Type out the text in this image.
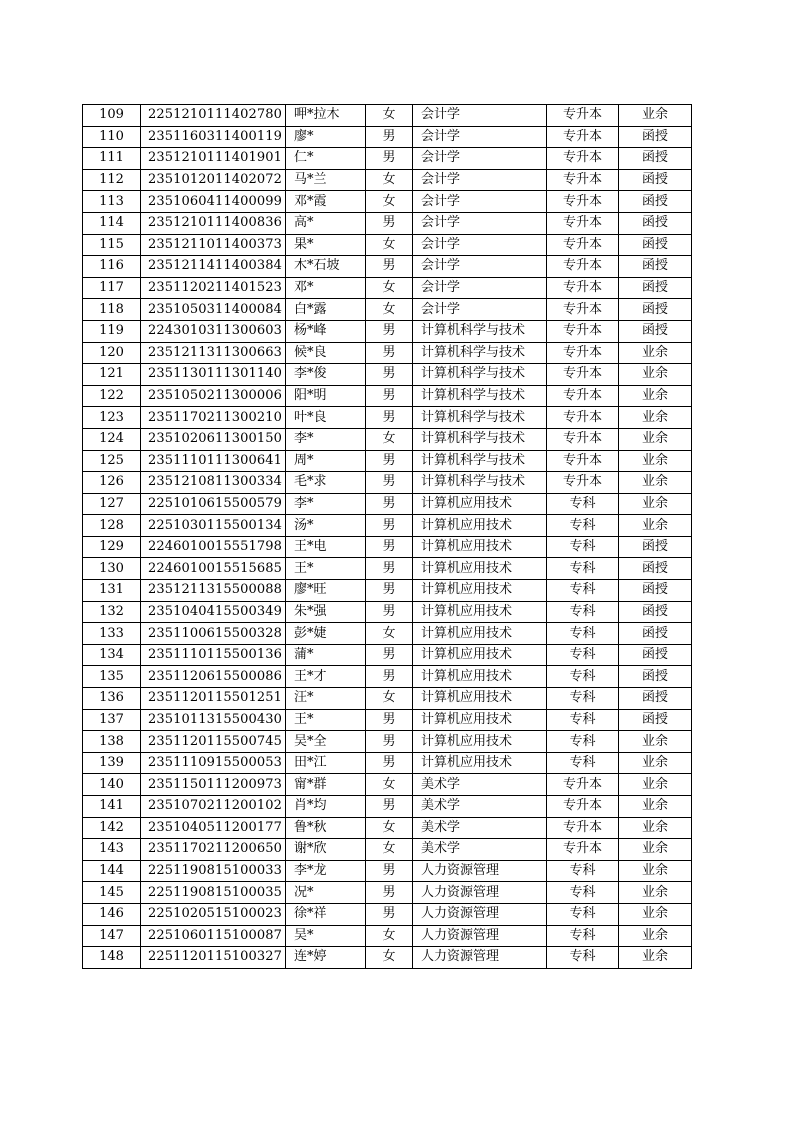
109	2251210111402780	呷*拉木	女	会计学	专升本	业余
110	2351160311400119	廖*	男	会计学	专升本	函授
111	2351210111401901	仁*	男	会计学	专升本	函授
112	2351012011402072	马*兰	女	会计学	专升本	函授
113	2351060411400099	邓*霞	女	会计学	专升本	函授
114	2351210111400836	高*	男	会计学	专升本	函授
115	2351211011400373	果*	女	会计学	专升本	函授
116	2351211411400384	木*石坡	男	会计学	专升本	函授
117	2351120211401523	邓*	女	会计学	专升本	函授
118	2351050311400084	白*露	女	会计学	专升本	函授
119	2243010311300603	杨*峰	男	计算机科学与技术	专升本	函授
120	2351211311300663	候*良	男	计算机科学与技术	专升本	业余
121	2351130111301140	李*俊	男	计算机科学与技术	专升本	业余
122	2351050211300006	阳*明	男	计算机科学与技术	专升本	业余
123	2351170211300210	叶*良	男	计算机科学与技术	专升本	业余
124	2351020611300150	李*	女	计算机科学与技术	专升本	业余
125	2351110111300641	周*	男	计算机科学与技术	专升本	业余
126	2351210811300334	毛*求	男	计算机科学与技术	专升本	业余
127	2251010615500579	李*	男	计算机应用技术	专科	业余
128	2251030115500134	汤*	男	计算机应用技术	专科	业余
129	2246010015551798	王*电	男	计算机应用技术	专科	函授
130	2246010015515685	王*	男	计算机应用技术	专科	函授
131	2351211315500088	廖*旺	男	计算机应用技术	专科	函授
132	2351040415500349	朱*强	男	计算机应用技术	专科	函授
133	2351100615500328	彭*婕	女	计算机应用技术	专科	函授
134	2351110115500136	蒲*	男	计算机应用技术	专科	函授
135	2351120615500086	王*才	男	计算机应用技术	专科	函授
136	2351120115501251	汪*	女	计算机应用技术	专科	函授
137	2351011315500430	王*	男	计算机应用技术	专科	函授
138	2351120115500745	吴*全	男	计算机应用技术	专科	业余
139	2351110915500053	田*江	男	计算机应用技术	专科	业余
140	2351150111200973	甯*群	女	美术学	专升本	业余
141	2351070211200102	肖*均	男	美术学	专升本	业余
142	2351040511200177	鲁*秋	女	美术学	专升本	业余
143	2351170211200650	谢*欣	女	美术学	专升本	业余
144	2251190815100033	李*龙	男	人力资源管理	专科	业余
145	2251190815100035	况*	男	人力资源管理	专科	业余
146	2251020515100023	徐*祥	男	人力资源管理	专科	业余
147	2251060115100087	吴*	女	人力资源管理	专科	业余
148	2251120115100327	连*婷	女	人力资源管理	专科	业余
